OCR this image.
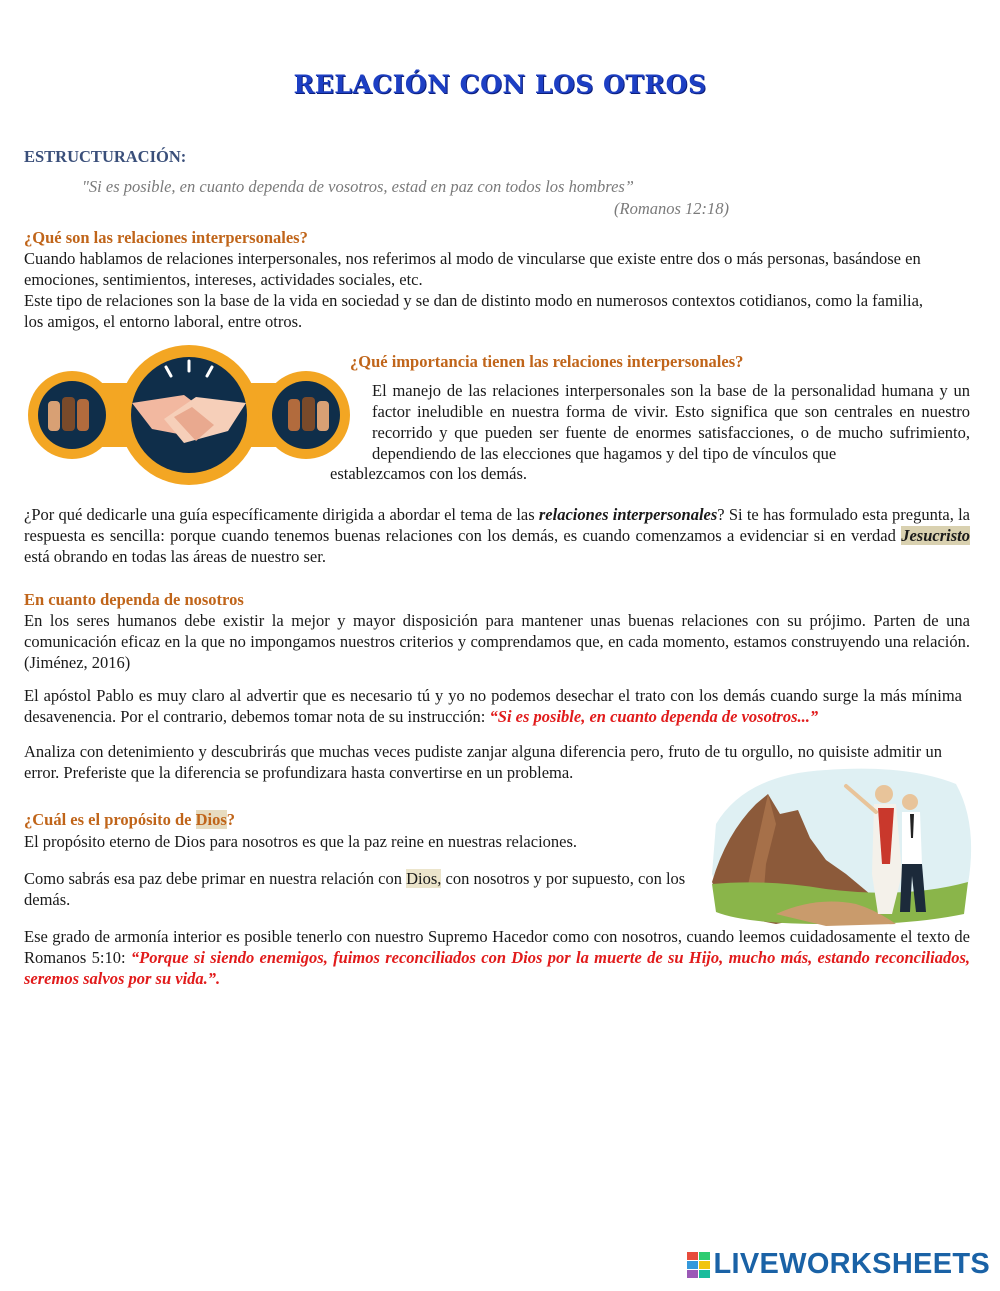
RELACIÓN CON LOS OTROS
ESTRUCTURACIÓN:
"Si es posible, en cuanto dependa de vosotros, estad en paz con todos los hombres”
(Romanos 12:18)
¿Qué son las relaciones interpersonales?
Cuando hablamos de relaciones interpersonales, nos referimos al modo de vincularse que existe entre dos o más personas, basándose en emociones, sentimientos, intereses, actividades sociales, etc.
Este tipo de relaciones son la base de la vida en sociedad y se dan de distinto modo en numerosos contextos cotidianos, como la familia, los amigos, el entorno laboral, entre otros.
¿Qué importancia tienen las relaciones interpersonales?
El manejo de las relaciones interpersonales son la base de la personalidad humana y un factor ineludible en nuestra forma de vivir. Esto significa que son centrales en nuestro recorrido y que pueden ser fuente de enormes satisfacciones, o de mucho sufrimiento, dependiendo de las elecciones que hagamos y del tipo de vínculos que
establezcamos con los demás.
¿Por qué dedicarle una guía específicamente dirigida a abordar el tema de las relaciones interpersonales? Si te has formulado esta pregunta, la respuesta es sencilla: porque cuando tenemos buenas relaciones con los demás, es cuando comenzamos a evidenciar si en verdad Jesucristo está obrando en todas las áreas de nuestro ser.
En cuanto dependa de nosotros
En los seres humanos debe existir la mejor y mayor disposición para mantener unas buenas relaciones con su prójimo. Parten de una comunicación eficaz en la que no impongamos nuestros criterios y comprendamos que, en cada momento, estamos construyendo una relación. (Jiménez, 2016)
El apóstol Pablo es muy claro al advertir que es necesario tú y yo no podemos desechar el trato con los demás cuando surge la más mínima desavenencia. Por el contrario, debemos tomar nota de su instrucción: “Si es posible, en cuanto dependa de vosotros...”
Analiza con detenimiento y descubrirás que muchas veces pudiste zanjar alguna diferencia pero, fruto de tu orgullo, no quisiste admitir un error. Preferiste que la diferencia se profundizara hasta convertirse en un problema.
¿Cuál es el propósito de Dios?
El propósito eterno de Dios para nosotros es que la paz reine en nuestras relaciones.
Como sabrás esa paz debe primar en nuestra relación con Dios, con nosotros y por supuesto, con los demás.
Ese grado de armonía interior es posible tenerlo con nuestro Supremo Hacedor como con nosotros, cuando leemos cuidadosamente el texto de Romanos 5:10: “Porque si siendo enemigos, fuimos reconciliados con Dios por la muerte de su Hijo, mucho más, estando reconciliados, seremos salvos por su vida.”.
LIVEWORKSHEETS
